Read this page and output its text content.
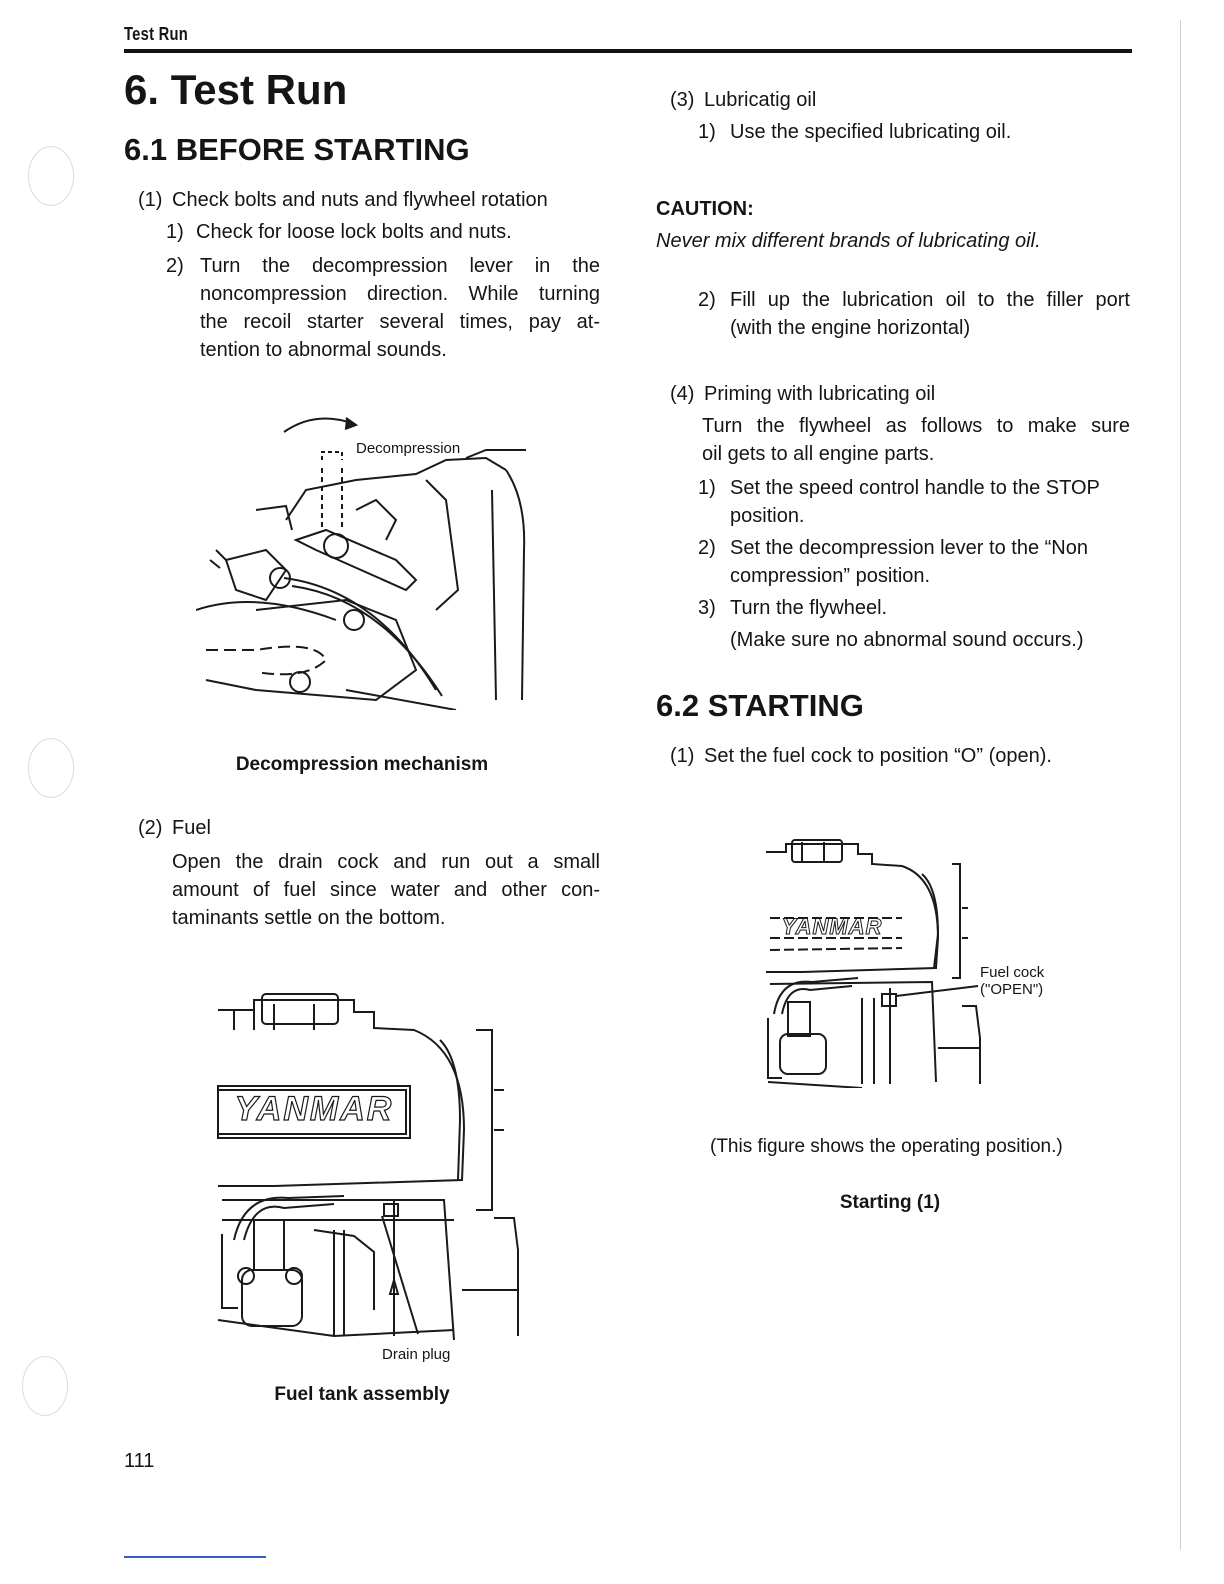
Test Run
6. Test Run
6.1 BEFORE STARTING
(1) Check bolts and nuts and flywheel rotation
1) Check for loose lock bolts and nuts.
2) Turn the decompression lever in the
noncompression direction. While turning
the recoil starter several times, pay at-
tention to abnormal sounds.
Decompression
Decompression mechanism
(2) Fuel
Open the drain cock and run out a small
amount of fuel since water and other con-
taminants settle on the bottom.
YANMAR
Drain plug
Fuel tank assembly
111
(3) Lubricatig oil
1) Use the specified lubricating oil.
CAUTION:
Never mix different brands of lubricating oil.
2) Fill up the lubrication oil to the filler port
(with the engine horizontal)
(4) Priming with lubricating oil
Turn the flywheel as follows to make sure
oil gets to all engine parts.
1) Set the speed control handle to the STOP
position.
2) Set the decompression lever to the “Non
compression” position.
3) Turn the flywheel.
(Make sure no abnormal sound occurs.)
6.2 STARTING
(1) Set the fuel cock to position “O” (open).
YANMAR
Fuel cock
("OPEN")
(This figure shows the operating position.)
Starting (1)
